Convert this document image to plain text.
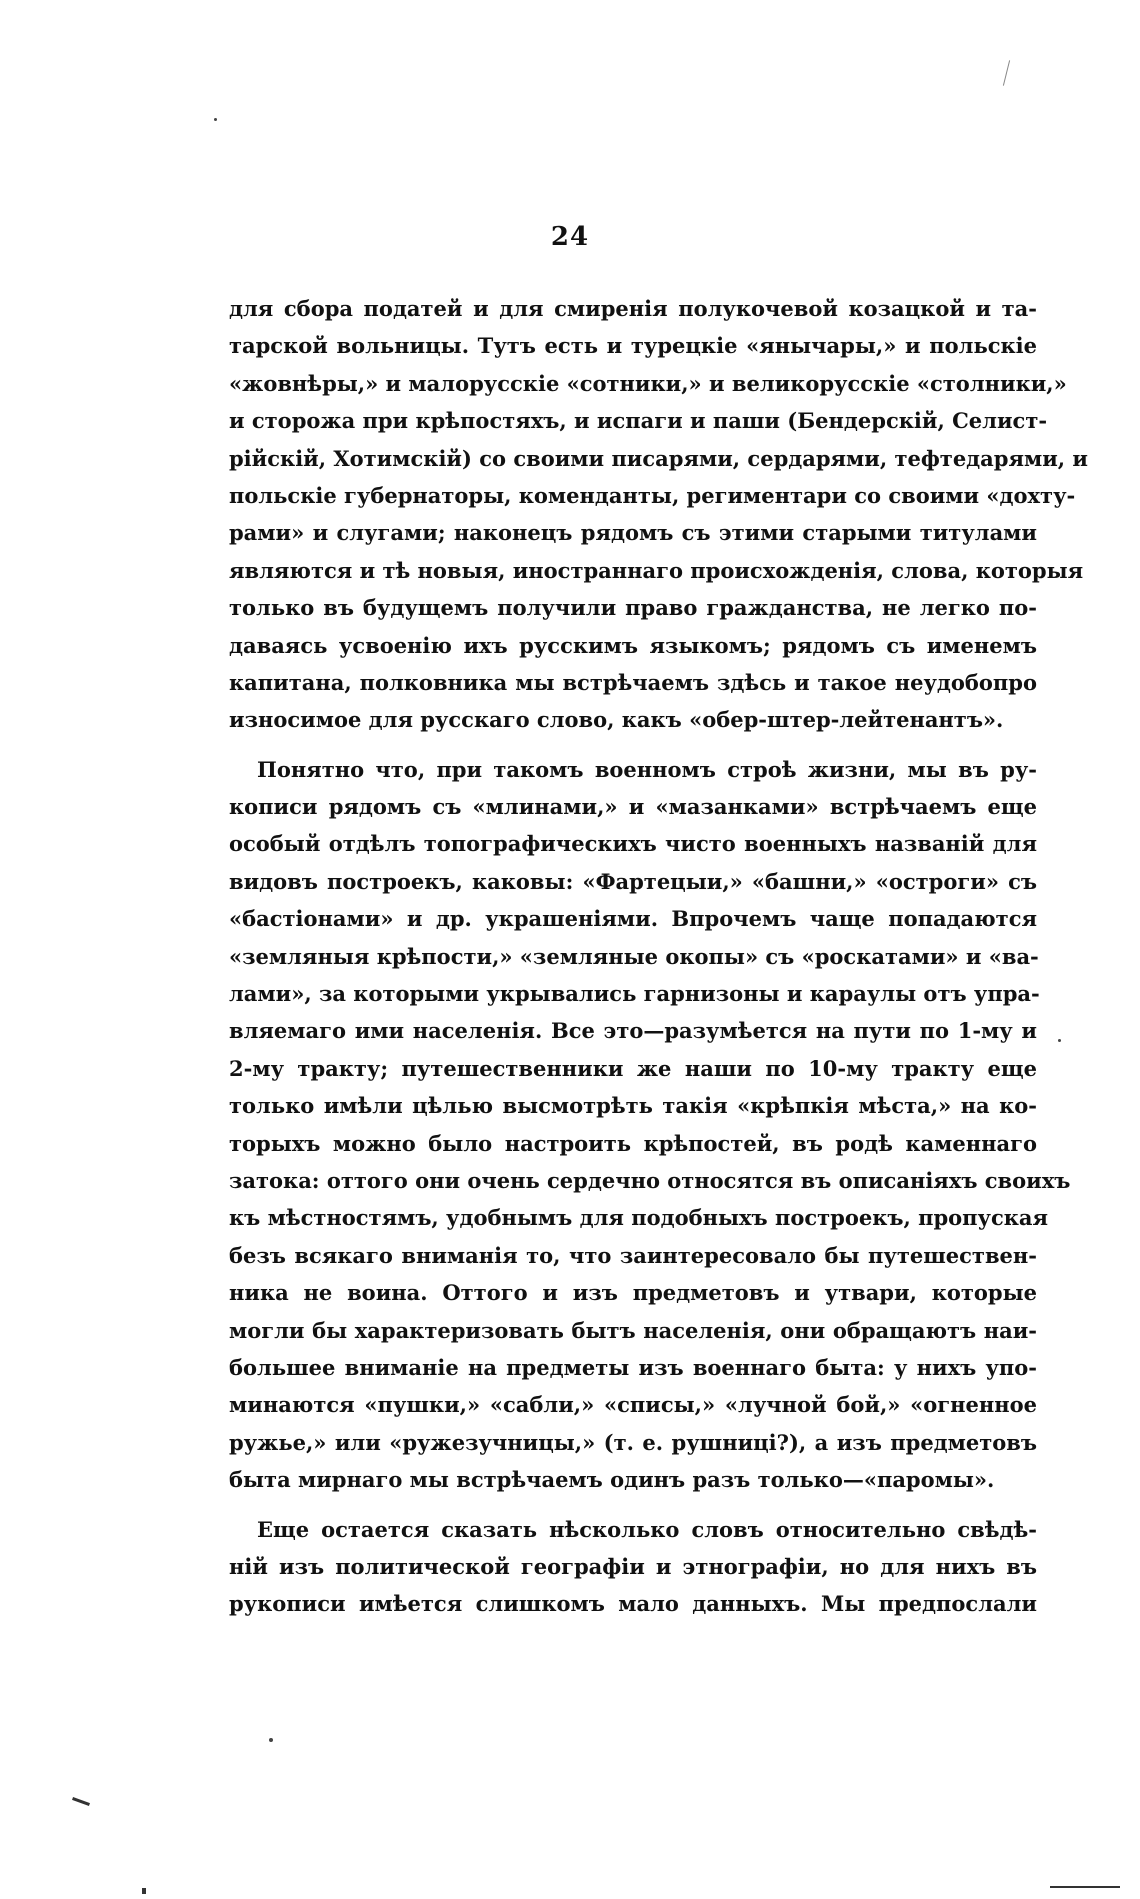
24
для сбора податей и для смиренія полукочевой козацкой и та-
тарской вольницы. Тутъ есть и турецкіе «янычары,» и польскіе
«жовнѣры,» и малорусскіе «сотники,» и великорусскіе «столники,»
и сторожа при крѣпостяхъ, и испаги и паши (Бендерскій, Селист-
рійскій, Хотимскій) со своими писарями, сердарями, тефтедарями, и
польскіе губернаторы, коменданты, региментари со своими «дохту-
рами» и слугами; наконецъ рядомъ съ этими старыми титулами
являются и тѣ новыя, иностраннаго происхожденія, слова, которыя
только въ будущемъ получили право гражданства, не легко по-
даваясь усвоенію ихъ русскимъ языкомъ; рядомъ съ именемъ
капитана, полковника мы встрѣчаемъ здѣсь и такое неудобопро
износимое для русскаго слово, какъ «обер-штер-лейтенантъ».
Понятно что, при такомъ военномъ строѣ жизни, мы въ ру-
кописи рядомъ съ «млинами,» и «мазанками» встрѣчаемъ еще
особый отдѣлъ топографическихъ чисто военныхъ названій для
видовъ построекъ, каковы: «Фартецыи,» «башни,» «остроги» съ
«бастіонами» и др. украшеніями. Впрочемъ чаще попадаются
«земляныя крѣпости,» «земляные окопы» съ «роскатами» и «ва-
лами», за которыми укрывались гарнизоны и караулы отъ упра-
вляемаго ими населенія. Все это—разумѣется на пути по 1-му и
2-му тракту; путешественники же наши по 10-му тракту еще
только имѣли цѣлью высмотрѣть такія «крѣпкія мѣста,» на ко-
торыхъ можно было настроить крѣпостей, въ родѣ каменнаго
затока: оттого они очень сердечно относятся въ описаніяхъ своихъ
къ мѣстностямъ, удобнымъ для подобныхъ построекъ, пропуская
безъ всякаго вниманія то, что заинтересовало бы путешествен-
ника не воина. Оттого и изъ предметовъ и утвари, которые
могли бы характеризовать бытъ населенія, они обращаютъ наи-
большее вниманіе на предметы изъ военнаго быта: у нихъ упо-
минаются «пушки,» «сабли,» «списы,» «лучной бой,» «огненное
ружье,» или «ружезучницы,» (т. е. рушниці?), а изъ предметовъ
быта мирнаго мы встрѣчаемъ одинъ разъ только—«паромы».
Еще остается сказать нѣсколько словъ относительно свѣдѣ-
ній изъ политической географіи и этнографіи, но для нихъ въ
рукописи имѣется слишкомъ мало данныхъ. Мы предпослали
